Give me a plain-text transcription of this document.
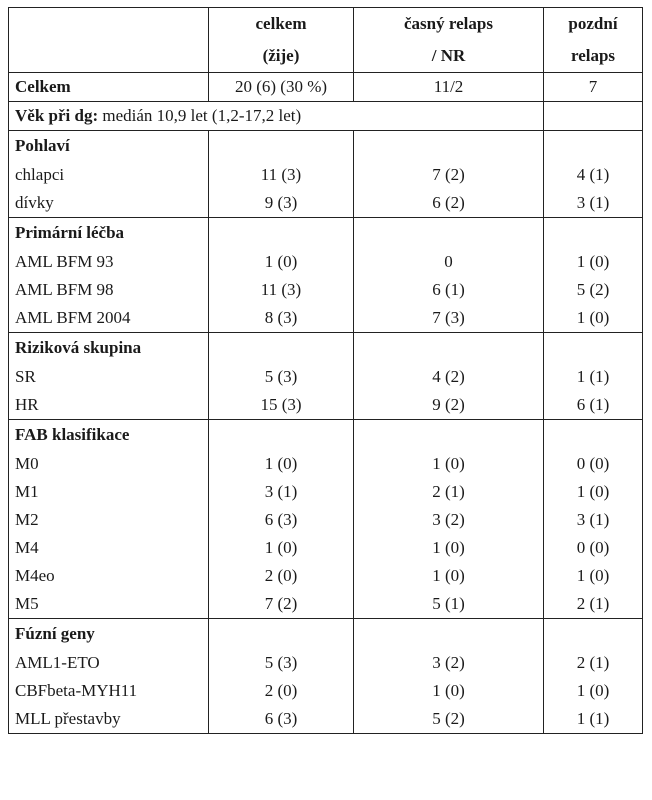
	celkem	časný relaps	pozdní
	(žije)	/ NR	relaps
Celkem	20 (6) (30 %)	11/2	7
Věk při dg: medián 10,9 let (1,2-17,2 let)			
Pohlaví			
chlapci	11 (3)	7 (2)	4 (1)
dívky	9 (3)	6 (2)	3 (1)
Primární léčba			
AML BFM 93	1 (0)	0	1 (0)
AML BFM 98	11 (3)	6 (1)	5 (2)
AML BFM 2004	8 (3)	7 (3)	1 (0)
Riziková skupina			
SR	5 (3)	4 (2)	1 (1)
HR	15 (3)	9 (2)	6 (1)
FAB klasifikace			
M0	1 (0)	1 (0)	0 (0)
M1	3 (1)	2 (1)	1 (0)
M2	6 (3)	3 (2)	3 (1)
M4	1 (0)	1 (0)	0 (0)
M4eo	2 (0)	1 (0)	1 (0)
M5	7 (2)	5 (1)	2 (1)
Fúzní geny			
AML1-ETO	5 (3)	3 (2)	2 (1)
CBFbeta-MYH11	2 (0)	1 (0)	1 (0)
MLL přestavby	6 (3)	5 (2)	1 (1)
